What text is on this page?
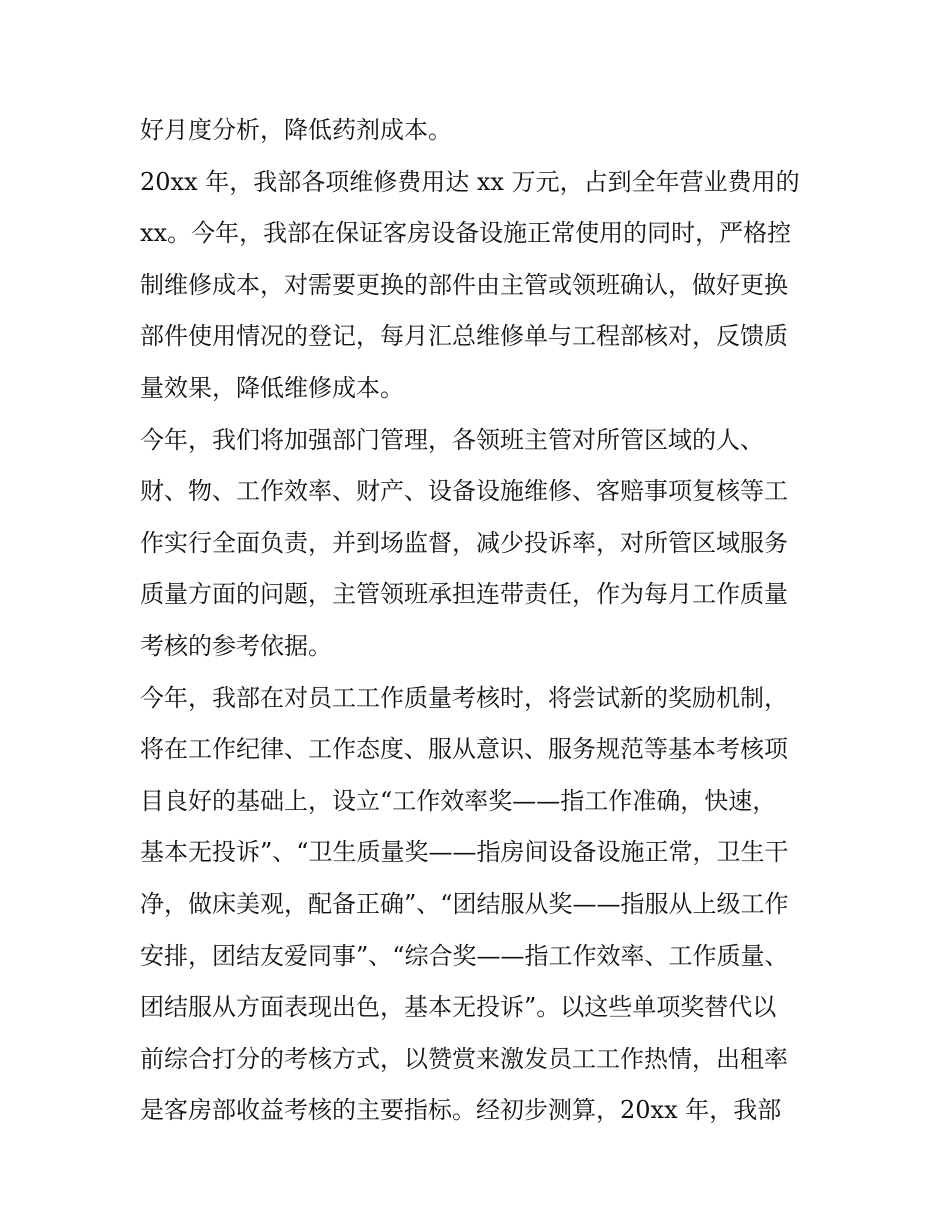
好月度分析，降低药剂成本。
20xx 年，我部各项维修费用达 xx 万元，占到全年营业费用的
xx。今年，我部在保证客房设备设施正常使用的同时，严格控
制维修成本，对需要更换的部件由主管或领班确认，做好更换
部件使用情况的登记，每月汇总维修单与工程部核对，反馈质
量效果，降低维修成本。
今年，我们将加强部门管理，各领班主管对所管区域的人、
财、物、工作效率、财产、设备设施维修、客赔事项复核等工
作实行全面负责，并到场监督，减少投诉率，对所管区域服务
质量方面的问题，主管领班承担连带责任，作为每月工作质量
考核的参考依据。
今年，我部在对员工工作质量考核时，将尝试新的奖励机制，
将在工作纪律、工作态度、服从意识、服务规范等基本考核项
目良好的基础上，设立“工作效率奖——指工作准确，快速，
基本无投诉”、“卫生质量奖——指房间设备设施正常，卫生干
净，做床美观，配备正确”、“团结服从奖——指服从上级工作
安排，团结友爱同事”、“综合奖——指工作效率、工作质量、
团结服从方面表现出色，基本无投诉”。以这些单项奖替代以
前综合打分的考核方式，以赞赏来激发员工工作热情，出租率
是客房部收益考核的主要指标。经初步测算，20xx 年，我部
